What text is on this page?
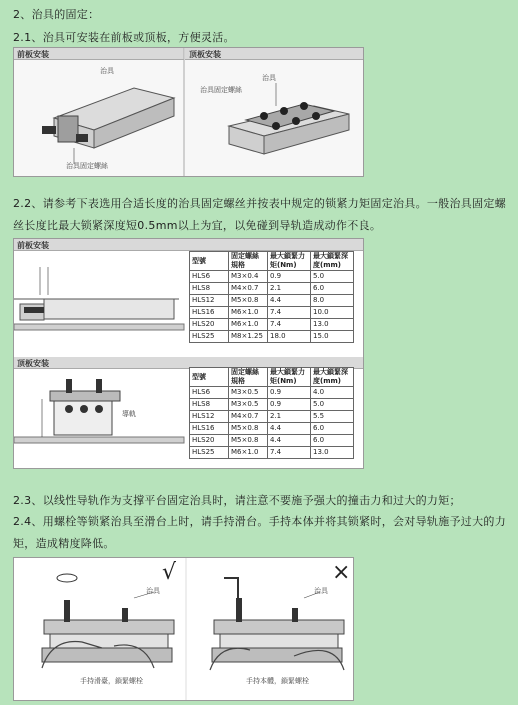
2、治具的固定：
2.1、治具可安装在前板或顶板，方便灵活。
前板安装	顶板安装
治具
治具固定螺絲
治具
治具固定螺絲
2.2、请参考下表选用合适长度的治具固定螺丝并按表中规定的锁紧力矩固定治具。一般治具固定螺丝长度比最大锁紧深度短0.5mm以上为宜，以免碰到导轨造成动作不良。
前板安装
顶板安装
導軌
型號	固定螺絲規格	最大鎖緊力矩(Nm)	最大鎖緊深度(mm)
HLS6	M3×0.4	0.9	5.0
HLS8	M4×0.7	2.1	6.0
HLS12	M5×0.8	4.4	8.0
HLS16	M6×1.0	7.4	10.0
HLS20	M6×1.0	7.4	13.0
HLS25	M8×1.25	18.0	15.0
型號	固定螺絲規格	最大鎖緊力矩(Nm)	最大鎖緊深度(mm)
HLS6	M3×0.5	0.9	4.0
HLS8	M3×0.5	0.9	5.0
HLS12	M4×0.7	2.1	5.5
HLS16	M5×0.8	4.4	6.0
HLS20	M5×0.8	4.4	6.0
HLS25	M6×1.0	7.4	13.0
2.3、以线性导轨作为支撑平台固定治具时，请注意不要施予强大的撞击力和过大的力矩；
2.4、用螺栓等锁紧治具至滑台上时，请手持滑台。手持本体并将其锁紧时，会对导轨施予过大的力矩，造成精度降低。
√	×
治具	治具
手持滑臺，鎖緊螺栓	手持本體，鎖緊螺栓
